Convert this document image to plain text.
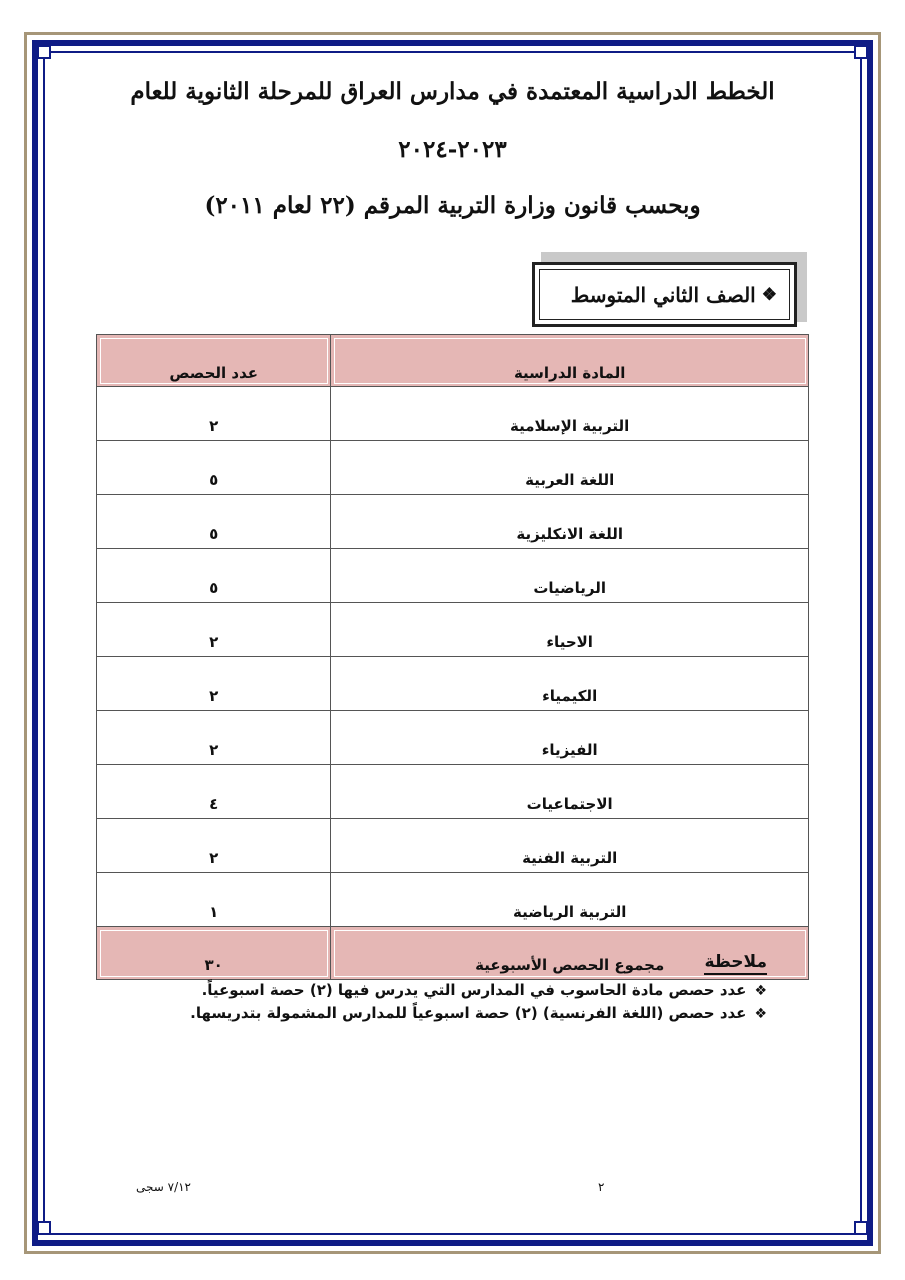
الخطط الدراسية المعتمدة في مدارس العراق للمرحلة الثانوية للعام
٢٠٢٣-٢٠٢٤
وبحسب قانون وزارة التربية المرقم (٢٢ لعام ٢٠١١)
❖
الصف الثاني المتوسط
المادة الدراسية	عدد الحصص
التربية الإسلامية	٢
اللغة العربية	٥
اللغة الانكليزية	٥
الرياضيات	٥
الاحياء	٢
الكيمياء	٢
الفيزياء	٢
الاجتماعيات	٤
التربية الفنية	٢
التربية الرياضية	١
مجموع الحصص الأسبوعية	٣٠	ملاحظة
❖عدد حصص مادة الحاسوب في المدارس التي يدرس فيها (٢) حصة اسبوعياً.
❖عدد حصص (اللغة الفرنسية) (٢) حصة اسبوعياً للمدارس المشمولة بتدريسها.
٢
٧/١٢ سجى
